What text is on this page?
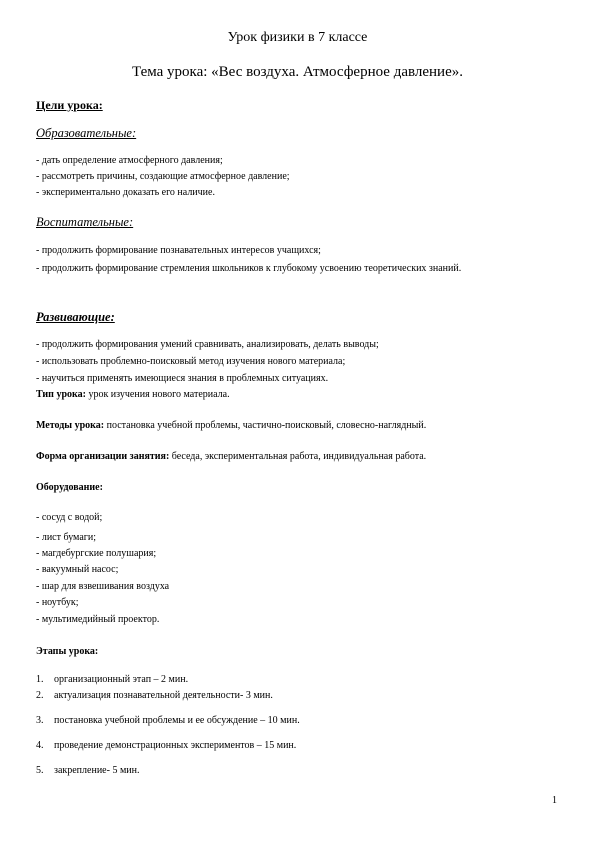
Урок физики в 7 классе
Тема урока: «Вес воздуха. Атмосферное давление».
Цели урока:
Образовательные:
- дать определение атмосферного давления;
- рассмотреть причины, создающие атмосферное давление;
- экспериментально доказать его наличие.
Воспитательные:
- продолжить формирование познавательных интересов учащихся;
- продолжить формирование стремления школьников к глубокому усвоению теоретических знаний.
Развивающие:
- продолжить формирования умений сравнивать, анализировать, делать выводы;
- использовать проблемно-поисковый метод изучения нового материала;
- научиться применять имеющиеся знания в проблемных ситуациях.
Тип урока: урок изучения нового материала.
Методы урока: постановка учебной проблемы, частично-поисковый, словесно-наглядный.
Форма организации занятия: беседа, экспериментальная работа, индивидуальная работа.
Оборудование:
- сосуд с водой;
- лист бумаги;
- магдебургские полушария;
- вакуумный насос;
- шар для взвешивания воздуха
- ноутбук;
- мультимедийный проектор.
Этапы урока:
1. организационный этап – 2 мин.
2. актуализация познавательной деятельности- 3 мин.
3. постановка учебной проблемы и ее обсуждение – 10 мин.
4. проведение демонстрационных экспериментов – 15 мин.
5. закрепление- 5 мин.
1
